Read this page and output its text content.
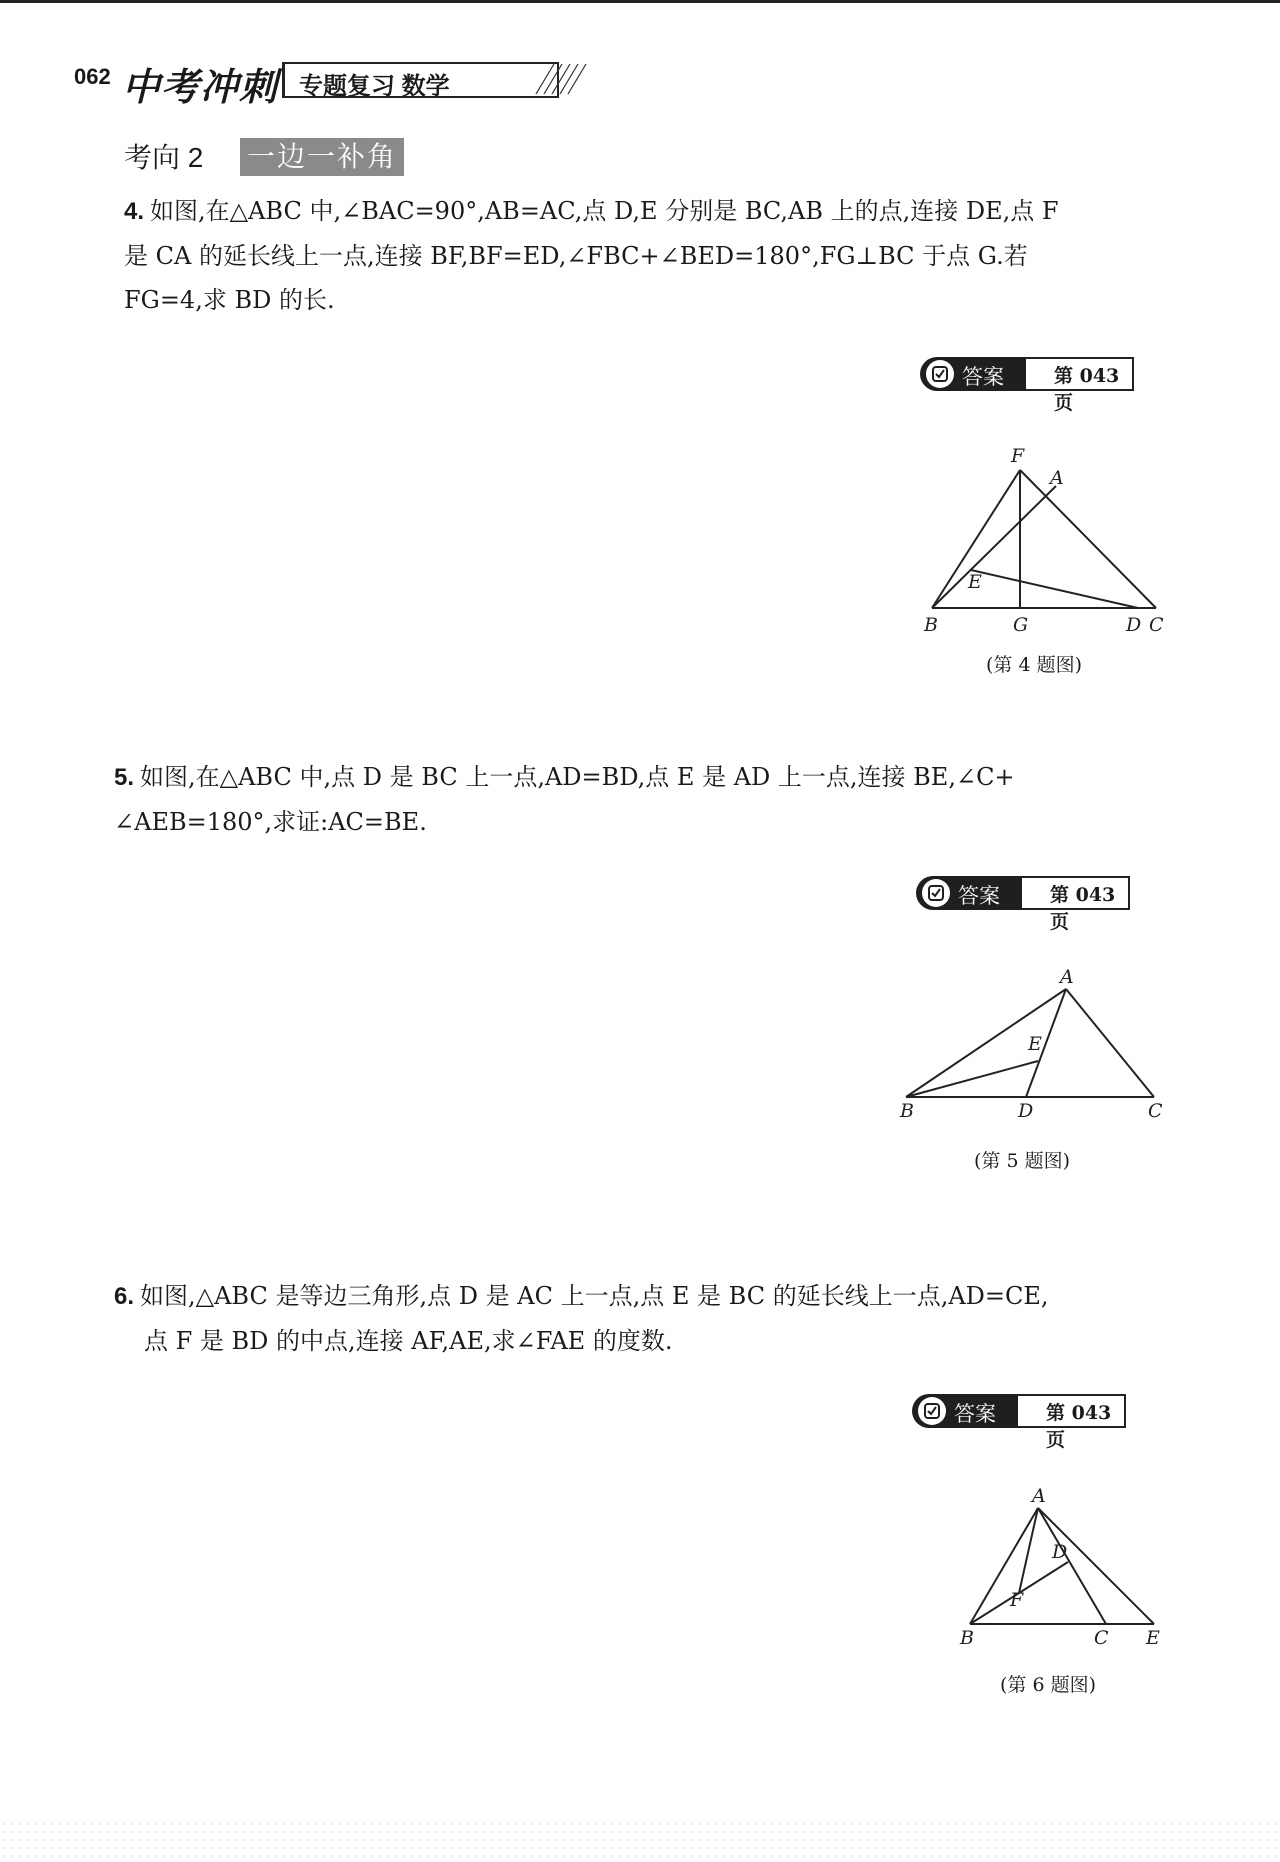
062 中考冲刺 专题复习 数学
考向 2 一边一补角
4. 如图,在△ABC 中,∠BAC=90°,AB=AC,点 D,E 分别是 BC,AB 上的点,连接 DE,点 F
是 CA 的延长线上一点,连接 BF,BF=ED,∠FBC+∠BED=180°,FG⊥BC 于点 G.若
FG=4,求 BD 的长.
答案	第 043 页
F
A
E
B	G	D C
(第 4 题图)
5. 如图,在△ABC 中,点 D 是 BC 上一点,AD=BD,点 E 是 AD 上一点,连接 BE,∠C+
∠AEB=180°,求证:AC=BE.
答案	第 043 页
A
E
B	D	C
(第 5 题图)
6. 如图,△ABC 是等边三角形,点 D 是 AC 上一点,点 E 是 BC 的延长线上一点,AD=CE,
点 F 是 BD 的中点,连接 AF,AE,求∠FAE 的度数.
答案	第 043 页
A
D
F
B	C E
(第 6 题图)
